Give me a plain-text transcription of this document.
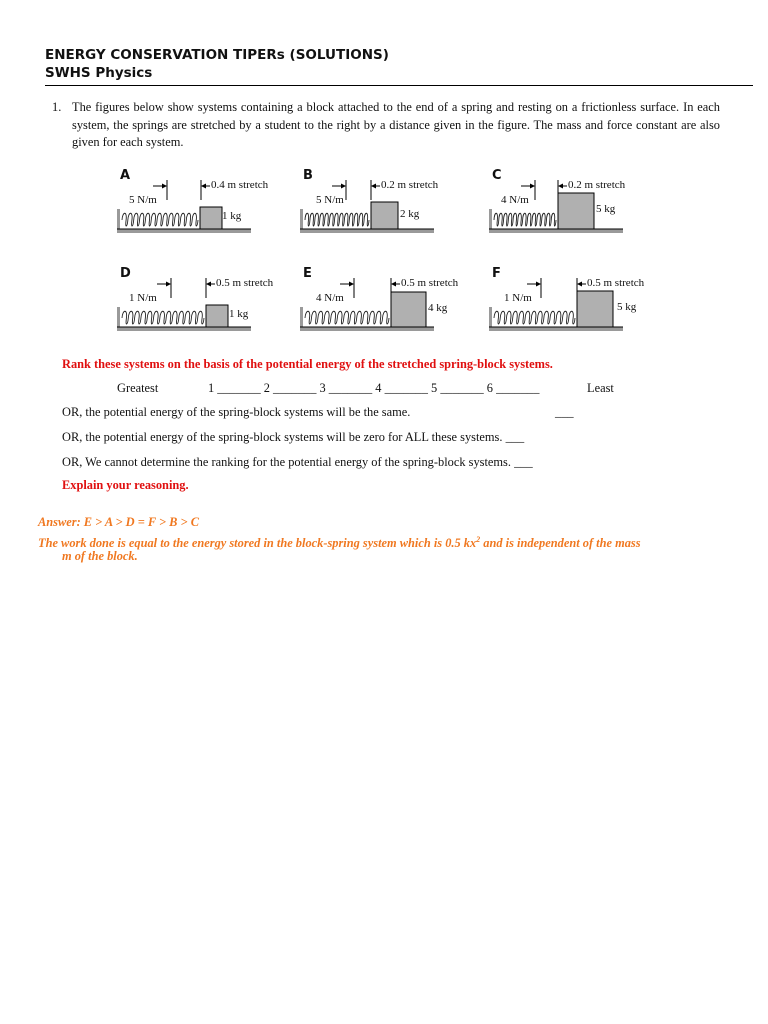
ENERGY CONSERVATION TIPERs (SOLUTIONS)
SWHS Physics
1. The figures below show systems containing a block attached to the end of a spring and resting on a frictionless surface. In each system, the springs are stretched by a student to the right by a distance given in the figure. The mass and force constant are also given for each system.
A
0.4 m stretch
5 N/m
1 kg
B
0.2 m stretch
5 N/m
2 kg
C
0.2 m stretch
4 N/m
5 kg
D
0.5 m stretch
1 N/m
1 kg
E
0.5 m stretch
4 N/m
4 kg
F
0.5 m stretch
1 N/m
5 kg
Rank these systems on the basis of the potential energy of the stretched spring-block systems.
Greatest	1 _______ 2 _______ 3 _______ 4 _______ 5 _______ 6 _______	Least
OR, the potential energy of the spring-block systems will be the same.	___
OR, the potential energy of the spring-block systems will be zero for ALL these systems. ___
OR, We cannot determine the ranking for the potential energy of the spring-block systems. ___
Explain your reasoning.
Answer: E > A > D = F > B > C
The work done is equal to the energy stored in the block-spring system which is 0.5 $kx^2$ and is independent of the mass
m of the block.
